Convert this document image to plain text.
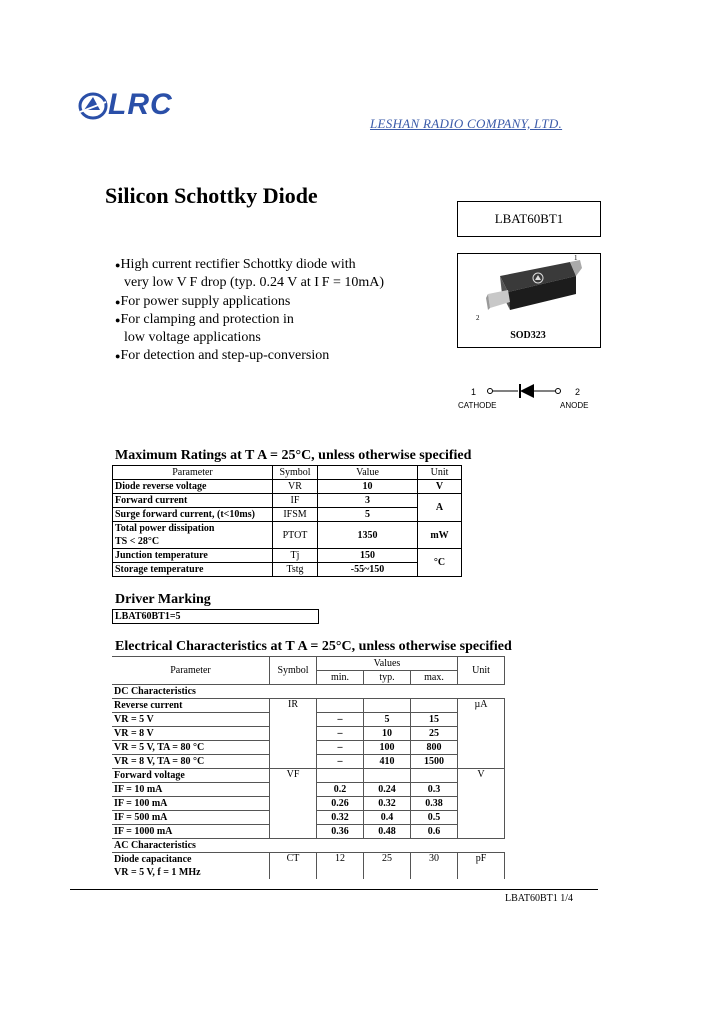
LRC
LESHAN RADIO COMPANY, LTD.
Silicon Schottky Diode
LBAT60BT1
1
2
SOD323
●High current rectifier Schottky diode with
very low V F drop (typ. 0.24 V at I F = 10mA)
●For power supply applications
●For clamping and protection in
low voltage applications
●For detection and step-up-conversion
1	2
CATHODE	ANODE
Maximum Ratings at T A = 25°C, unless otherwise specified
Parameter	Symbol	Value	Unit
Diode reverse voltage	VR	10	V
Forward current	IF	3	A
Surge forward current, (t<10ms)	IFSM	5	

Total power dissipation
TS < 28°C	PTOT	1350	mW
Junction temperature	Tj	150	°C
Storage temperature	Tstg	-55~150	
Driver Marking
LBAT60BT1=5
Electrical Characteristics at T A = 25°C, unless otherwise specified
Parameter	Symbol	Values			Unit
		min.	typ.	max.	
DC Characteristics					
Reverse current	IR				µA
VR = 5 V		–	5	15	
VR = 8 V		–	10	25	
VR = 5 V, TA = 80 °C		–	100	800	
VR = 8 V, TA = 80 °C		–	410	1500	
Forward voltage	VF				V
IF = 10 mA		0.2	0.24	0.3	
IF = 100 mA		0.26	0.32	0.38	
IF = 500 mA		0.32	0.4	0.5	
IF = 1000 mA		0.36	0.48	0.6	
AC Characteristics					

Diode capacitance
VR = 5 V, f = 1 MHz	CT	12	25	30	pF
LBAT60BT1 1/4
